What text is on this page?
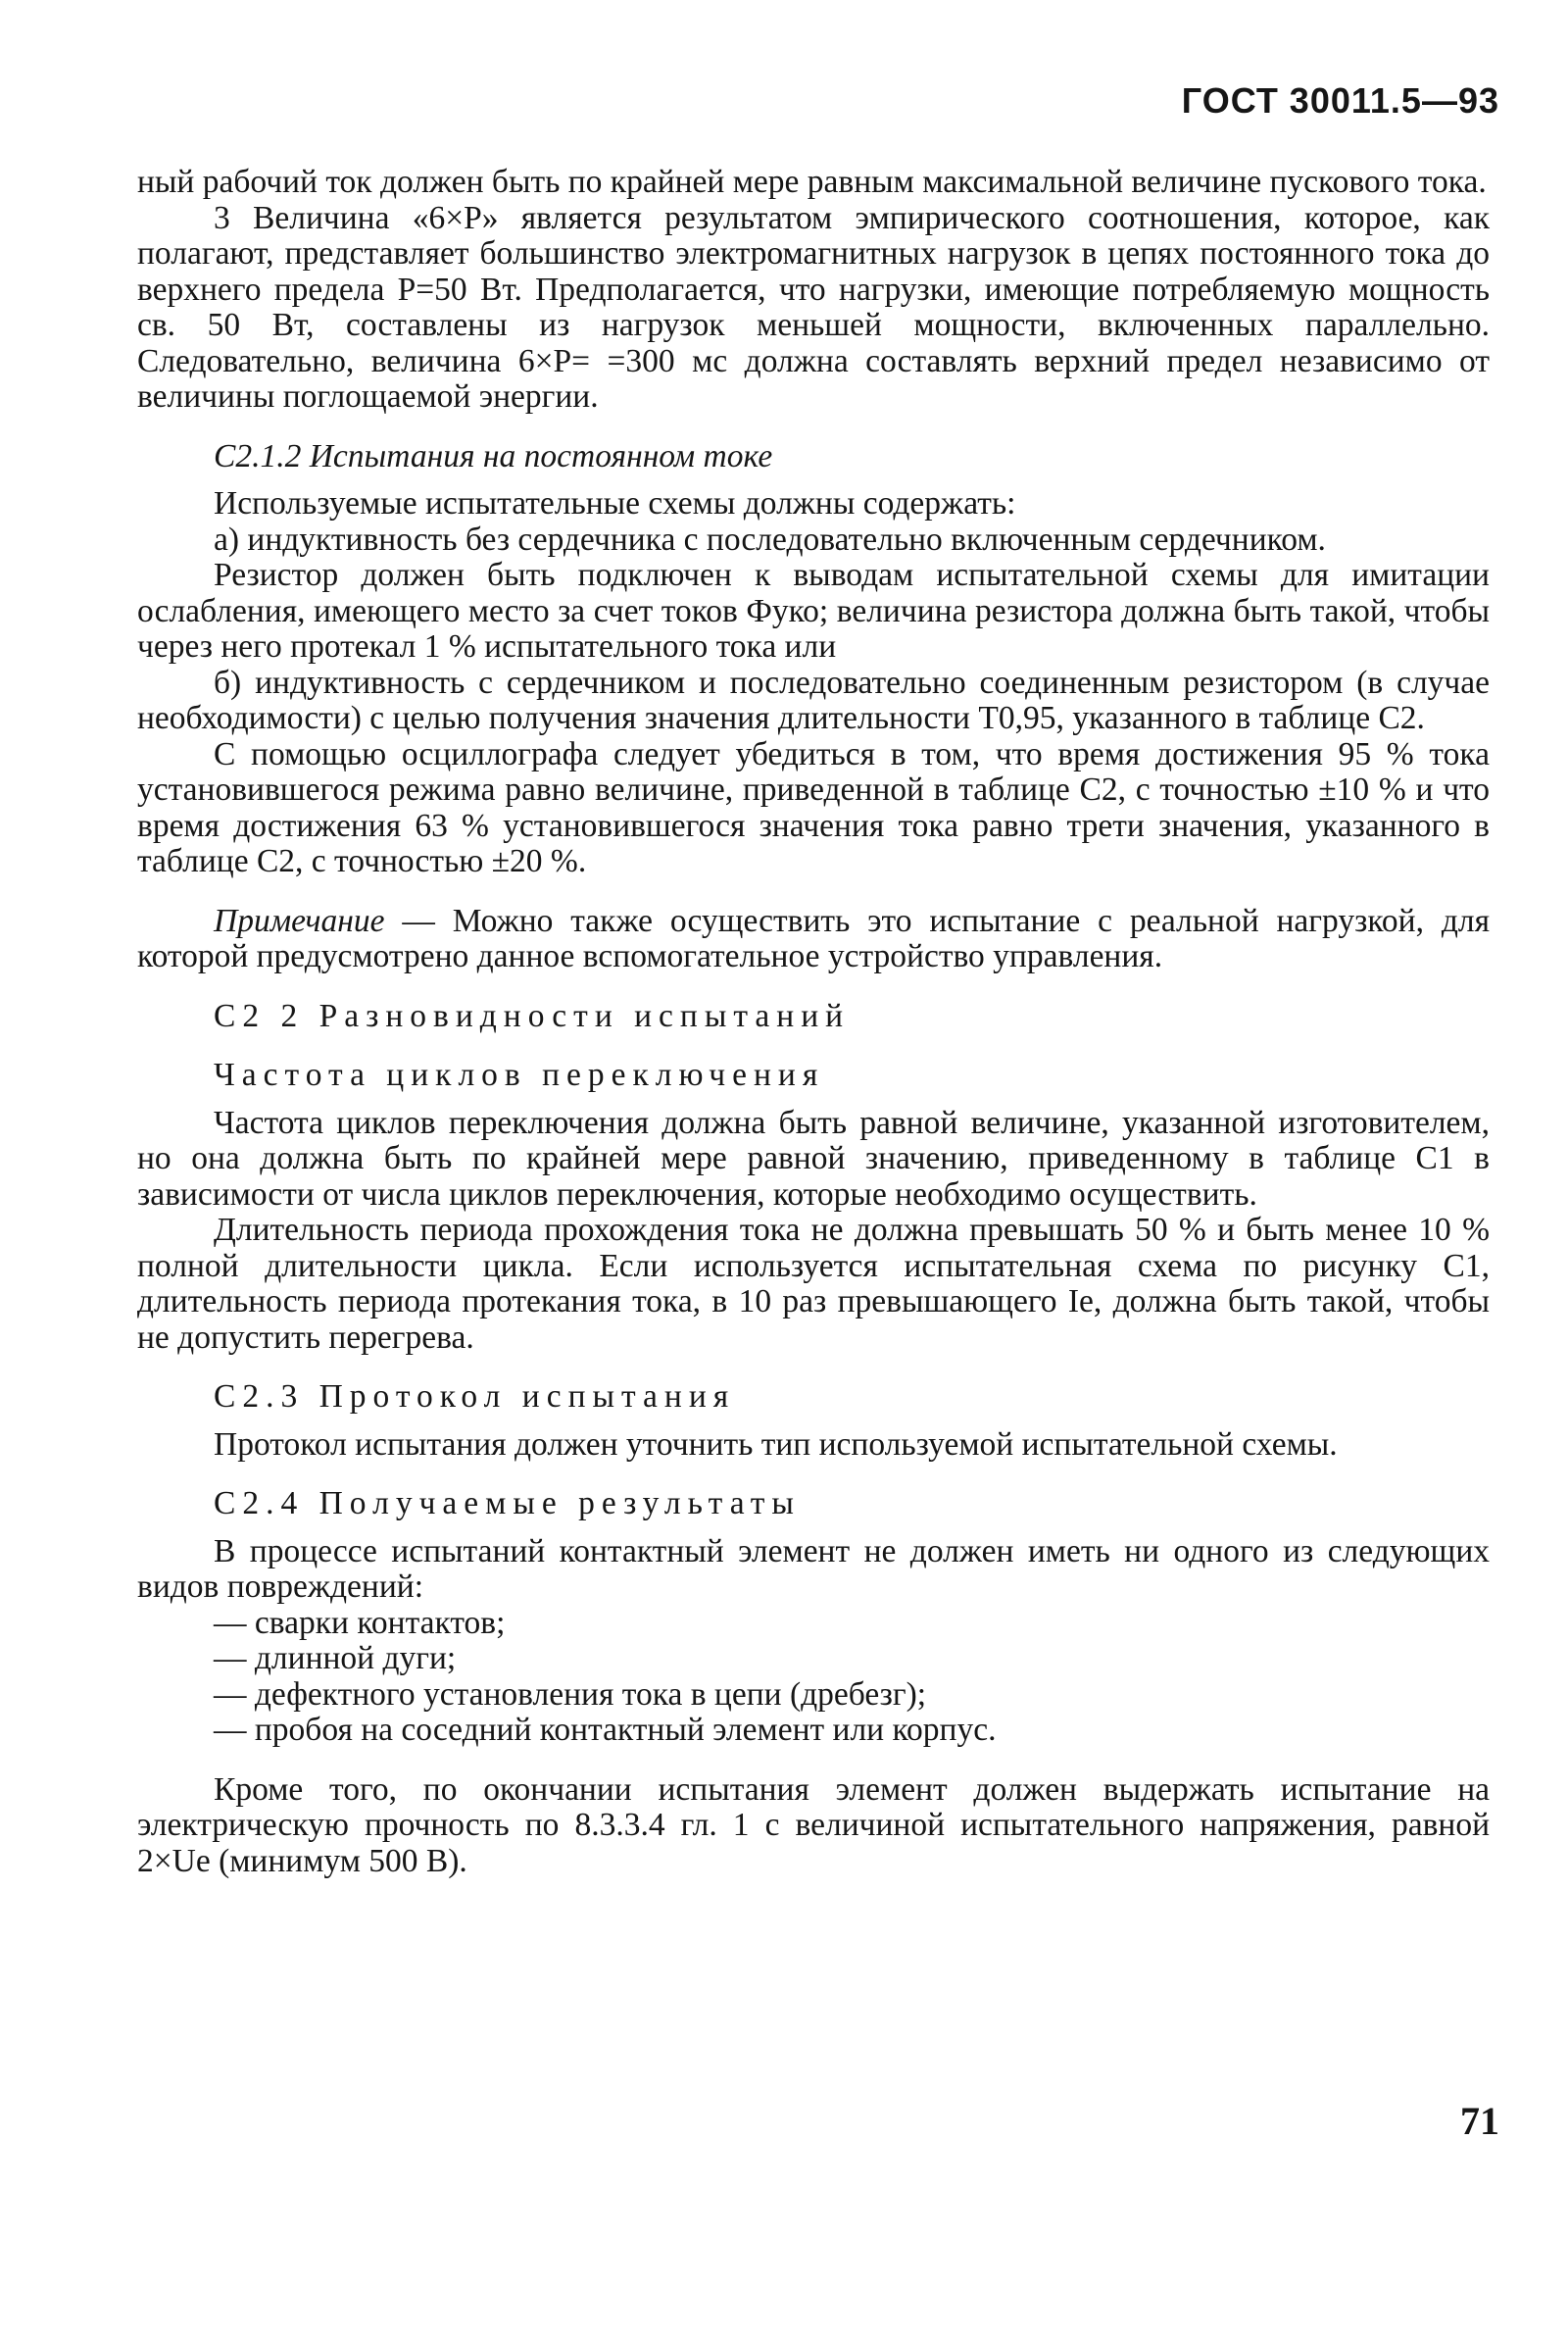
ГОСТ 30011.5—93

ный рабочий ток должен быть по крайней мере равным максимальной величине пускового тока.

3 Величина «6×P» является результатом эмпирического соотношения, которое, как полагают, представляет большинство электромагнитных нагрузок в цепях постоянного тока до верхнего предела P=50 Вт. Предполагается, что нагрузки, имеющие потребляемую мощность св. 50 Вт, составлены из нагрузок меньшей мощности, включенных параллельно. Следовательно, величина 6×P= =300 мс должна составлять верхний предел независимо от величины поглощаемой энергии.

C2.1.2 Испытания на постоянном токе

Используемые испытательные схемы должны содержать:

а) индуктивность без сердечника с последовательно включенным сердечником.

Резистор должен быть подключен к выводам испытательной схемы для имитации ослабления, имеющего место за счет токов Фуко; величина резистора должна быть такой, чтобы через него протекал 1 % испытательного тока или

б) индуктивность с сердечником и последовательно соединенным резистором (в случае необходимости) с целью получения значения длительности T0,95, указанного в таблице C2.

С помощью осциллографа следует убедиться в том, что время достижения 95 % тока установившегося режима равно величине, приведенной в таблице C2, с точностью ±10 % и что время достижения 63 % установившегося значения тока равно трети значения, указанного в таблице C2, с точностью ±20 %.

Примечание — Можно также осуществить это испытание с реальной нагрузкой, для которой предусмотрено данное вспомогательное устройство управления.

C2 2 Разновидности испытаний

Частота циклов переключения

Частота циклов переключения должна быть равной величине, указанной изготовителем, но она должна быть по крайней мере равной значению, приведенному в таблице C1 в зависимости от числа циклов переключения, которые необходимо осуществить.

Длительность периода прохождения тока не должна превышать 50 % и быть менее 10 % полной длительности цикла. Если используется испытательная схема по рисунку C1, длительность периода протекания тока, в 10 раз превышающего Ie, должна быть такой, чтобы не допустить перегрева.

C2.3 Протокол испытания

Протокол испытания должен уточнить тип используемой испытательной схемы.

C2.4 Получаемые результаты

В процессе испытаний контактный элемент не должен иметь ни одного из следующих видов повреждений:

— сварки контактов;

— длинной дуги;

— дефектного установления тока в цепи (дребезг);

— пробоя на соседний контактный элемент или корпус.

Кроме того, по окончании испытания элемент должен выдержать испытание на электрическую прочность по 8.3.3.4 гл. 1 с величиной испытательного напряжения, равной 2×Ue (минимум 500 В).

71
